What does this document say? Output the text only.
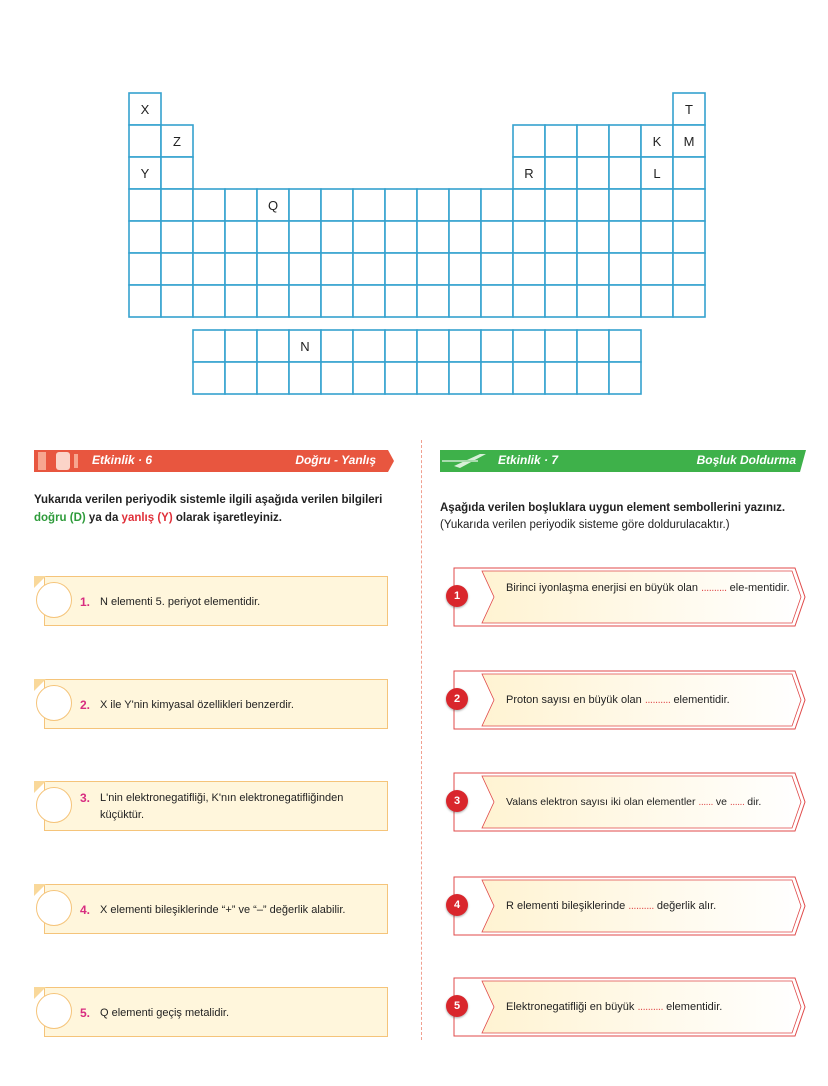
X	T
Z	K M
Y	R	L
Q
N
Etkinlik · 6	Doğru - Yanlış
Yukarıda verilen periyodik sistemle ilgili aşağıda verilen bilgileri
doğru (D) ya da yanlış (Y) olarak işaretleyiniz.
Etkinlik · 7	Boşluk Doldurma
Aşağıda verilen boşluklara uygun element sembollerini yazınız.
(Yukarıda verilen periyodik sisteme göre doldurulacaktır.)
1. N elementi 5. periyot elementidir.
2. X ile Y'nin kimyasal özellikleri benzerdir.
3. L'nin elektronegatifliği, K'nın elektronegatifliğinden küçüktür.
4. X elementi bileşiklerinde “+” ve “–” değerlik alabilir.
5. Q elementi geçiş metalidir.
1
Birinci iyonlaşma enerjisi en büyük olan .......... ele-mentidir.
2	Proton sayısı en büyük olan .......... elementidir.
3	Valans elektron sayısı iki olan elementler ...... ve ...... dir.
4	R elementi bileşiklerinde .......... değerlik alır.
5	Elektronegatifliği en büyük .......... elementidir.
